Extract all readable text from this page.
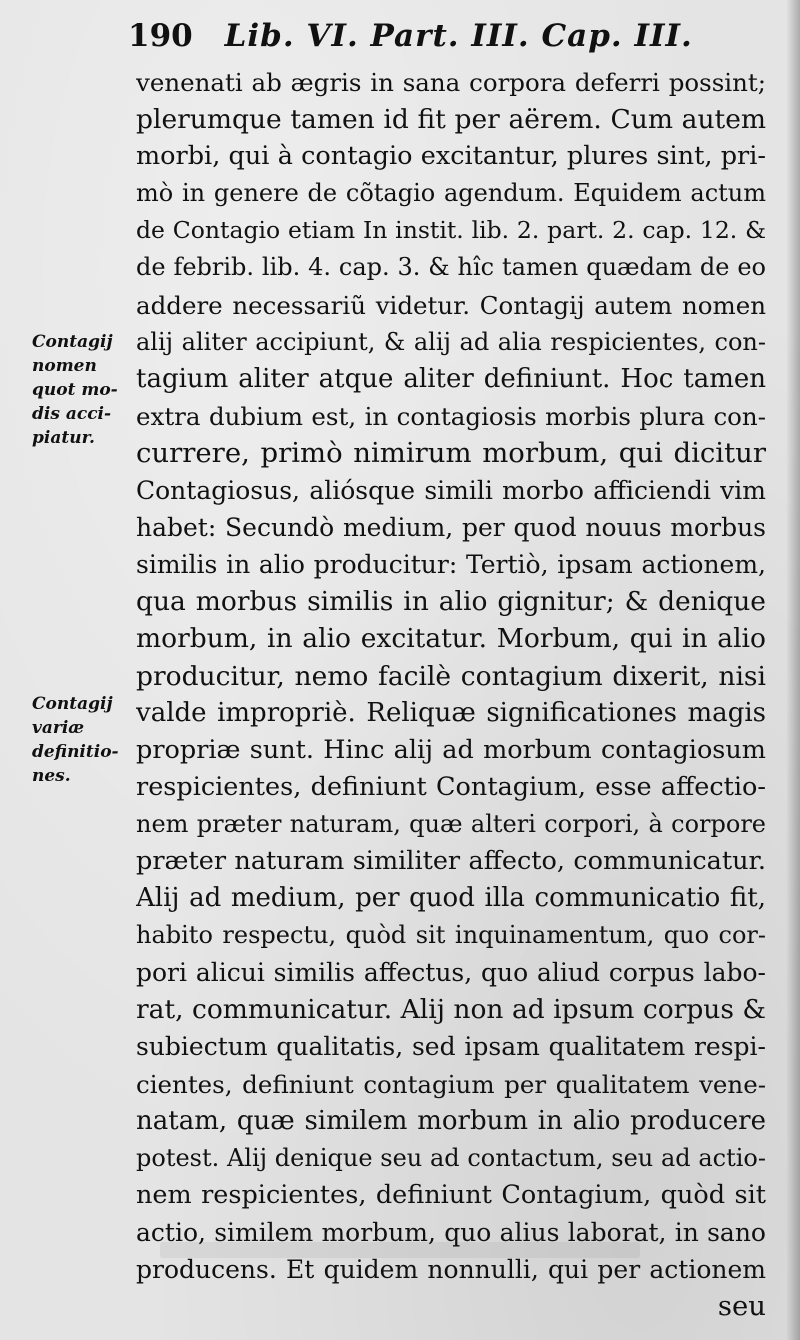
190 Lib. VI. Part. III. Cap. III.
Contagij
nomen
quot mo-
dis acci-
piatur.
Contagij
variæ
definitio-
nes.
venenati ab ægris in sana corpora deferri possint;
plerumque tamen id fit per aërem. Cum autem
morbi, qui à contagio excitantur, plures sint, pri-
mò in genere de cõtagio agendum. Equidem actum
de Contagio etiam In instit. lib. 2. part. 2. cap. 12. &
de febrib. lib. 4. cap. 3. & hîc tamen quædam de eo
addere necessariũ videtur. Contagij autem nomen
alij aliter accipiunt, & alij ad alia respicientes, con-
tagium aliter atque aliter definiunt. Hoc tamen
extra dubium est, in contagiosis morbis plura con-
currere, primò nimirum morbum, qui dicitur
Contagiosus, aliósque simili morbo afficiendi vim
habet: Secundò medium, per quod nouus morbus
similis in alio producitur: Tertiò, ipsam actionem,
qua morbus similis in alio gignitur; & denique
morbum, in alio excitatur. Morbum, qui in alio
producitur, nemo facilè contagium dixerit, nisi
valde impropriè. Reliquæ significationes magis
propriæ sunt. Hinc alij ad morbum contagiosum
respicientes, definiunt Contagium, esse affectio-
nem præter naturam, quæ alteri corpori, à corpore
præter naturam similiter affecto, communicatur.
Alij ad medium, per quod illa communicatio fit,
habito respectu, quòd sit inquinamentum, quo cor-
pori alicui similis affectus, quo aliud corpus labo-
rat, communicatur. Alij non ad ipsum corpus &
subiectum qualitatis, sed ipsam qualitatem respi-
cientes, definiunt contagium per qualitatem vene-
natam, quæ similem morbum in alio producere
potest. Alij denique seu ad contactum, seu ad actio-
nem respicientes, definiunt Contagium, quòd sit
actio, similem morbum, quo alius laborat, in sano
producens. Et quidem nonnulli, qui per actionem
seu
